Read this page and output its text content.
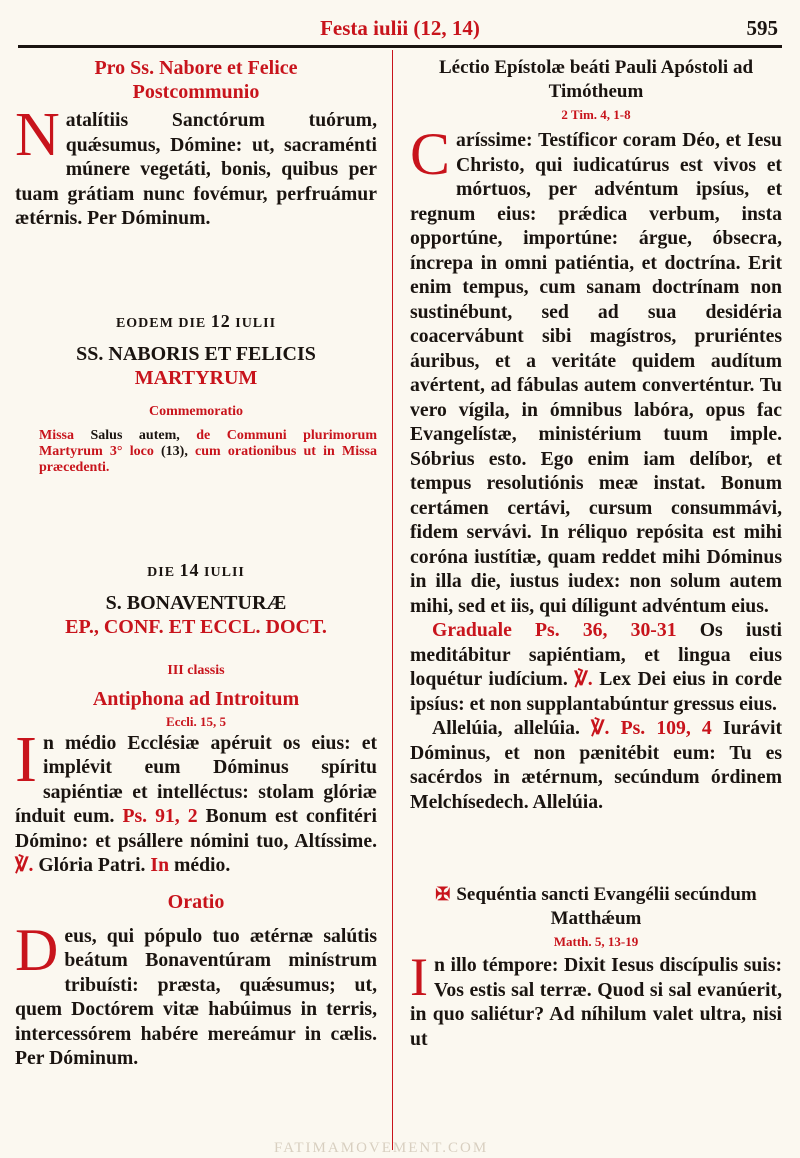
Festa iulii (12, 14)	595
Pro Ss. Nabore et Felice
Postcommunio

Natalítiis Sanctórum tuórum, quǽsumus, Dómine: ut, sacraménti múnere vegetáti, bonis, quibus per tuam grátiam nunc fovémur, perfruámur ætérnis. Per Dóminum.

EODEM DIE 12 IULII
SS. NABORIS ET FELICIS
MARTYRUM
Commemoratio

Missa Salus autem, de Communi plurimorum Martyrum 3° loco (13), cum orationibus ut in Missa præcedenti.

DIE 14 IULII
S. BONAVENTURÆ
EP., CONF. ET ECCL. DOCT.
III classis
Antiphona ad Introitum
Eccli. 15, 5

In médio Ecclésiæ apéruit os eius: et implévit eum Dóminus spíritu sapiéntiæ et intelléctus: stolam glóriæ índuit eum. Ps. 91, 2 Bonum est confitéri Dómino: et psállere nómini tuo, Altíssime. ℣. Glória Patri. In médio.

Oratio

Deus, qui pópulo tuo ætérnæ salútis beátum Bonaventúram minístrum tribuísti: præsta, quǽsumus; ut, quem Doctórem vitæ habúimus in terris, intercessórem habére mereámur in cælis. Per Dóminum.

Léctio Epístolæ beáti Pauli Apóstoli ad Timótheum
2 Tim. 4, 1-8

Caríssime: Testíficor coram Déo, et Iesu Christo, qui iudicatúrus est vivos et mórtuos, per advéntum ipsíus, et regnum eius: prǽdica verbum, insta opportúne, importúne: árgue, óbsecra, íncrepa in omni patiéntia, et doctrína. Erit enim tempus, cum sanam doctrínam non sustinébunt, sed ad sua desidéria coacervábunt sibi magístros, pruriéntes áuribus, et a veritáte quidem audítum avértent, ad fábulas autem converténtur. Tu vero vígila, in ómnibus labóra, opus fac Evangelístæ, ministérium tuum imple. Sóbrius esto. Ego enim iam delíbor, et tempus resolutiónis meæ instat. Bonum certámen certávi, cursum consummávi, fidem servávi. In réliquo repósita est mihi coróna iustítiæ, quam reddet mihi Dóminus in illa die, iustus iudex: non solum autem mihi, sed et iis, qui díligunt advéntum eius.

Graduale Ps. 36, 30-31 Os iusti meditábitur sapiéntiam, et lingua eius loquétur iudícium. ℣. Lex Dei eius in corde ipsíus: et non supplantabúntur gressus eius.

Allelúia, allelúia. ℣. Ps. 109, 4 Iurávit Dóminus, et non pænitébit eum: Tu es sacérdos in ætérnum, secúndum órdinem Melchísedech. Allelúia.

✠ Sequéntia sancti Evangélii secúndum Matthǽum

Matth. 5, 13-19

In illo témpore: Dixit Iesus discípulis suis: Vos estis sal terræ. Quod si sal evanúerit, in quo saliétur? Ad níhilum valet ultra, nisi ut

FATIMAMOVEMENT.COM
